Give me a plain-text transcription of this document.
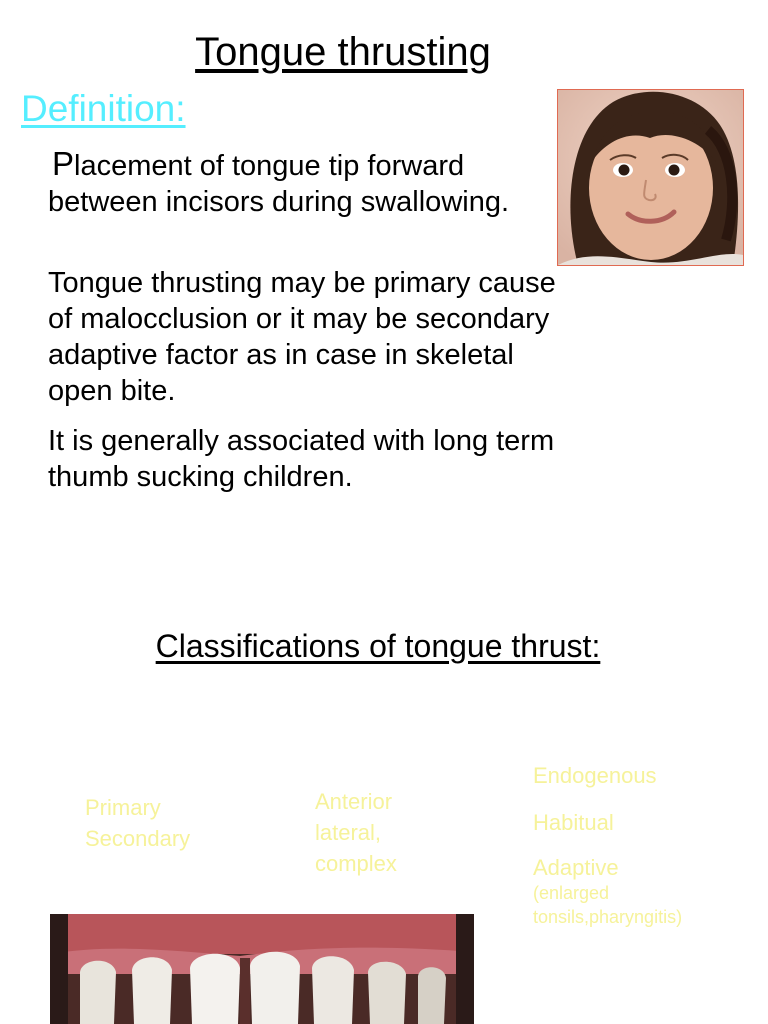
Tongue thrusting
Definition:
Placement of tongue tip forward between incisors during swallowing.
Tongue thrusting may be primary cause of malocclusion or it may be secondary adaptive factor as in case in skeletal open bite.
It is generally associated with long term thumb sucking children.
Classifications of tongue thrust:
Primary
Secondary
Anterior
lateral,
complex
Endogenous
Habitual
Adaptive
(enlarged tonsils,pharyngitis)
